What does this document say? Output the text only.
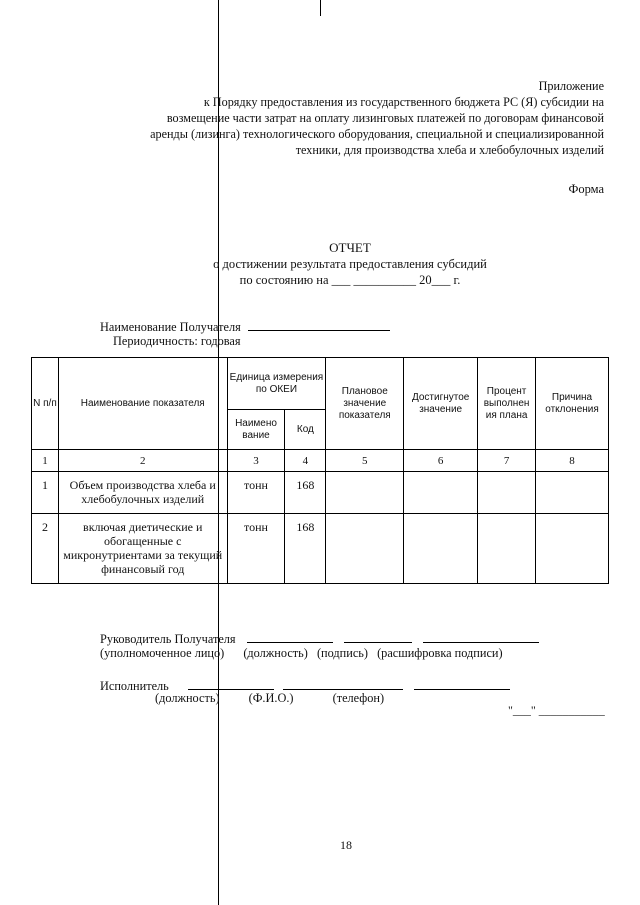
Приложение
к Порядку предоставления из государственного бюджета РС (Я) субсидии на
возмещение части затрат на оплату лизинговых платежей по договорам финансовой
аренды (лизинга) технологического оборудования, специальной и специализированной
техники, для производства хлеба и хлебобулочных изделий
Форма
ОТЧЕТ
о достижении результата предоставления субсидий
по состоянию на ___ __________ 20___ г.
Наименование Получателя
Периодичность: годовая
N п/п	Наименование показателя	Единица измерения по ОКЕИ		Плановое значение показателя	Достигнутое значение	Процент выполнен ия плана	Причина отклонения
		Наимено вание	Код				
1	2	3	4	5	6	7	8
1	Объем производства хлеба и хлебобулочных изделий	тонн	168				
2	включая диетические и обогащенные с микронутриентами за текущий финансовый год	тонн	168				
Руководитель Получателя
(уполномоченное лицо) (должность) (подпись) (расшифровка подписи)
Исполнитель
(должность) (Ф.И.О.)	(телефон)
"___" ___________
18
